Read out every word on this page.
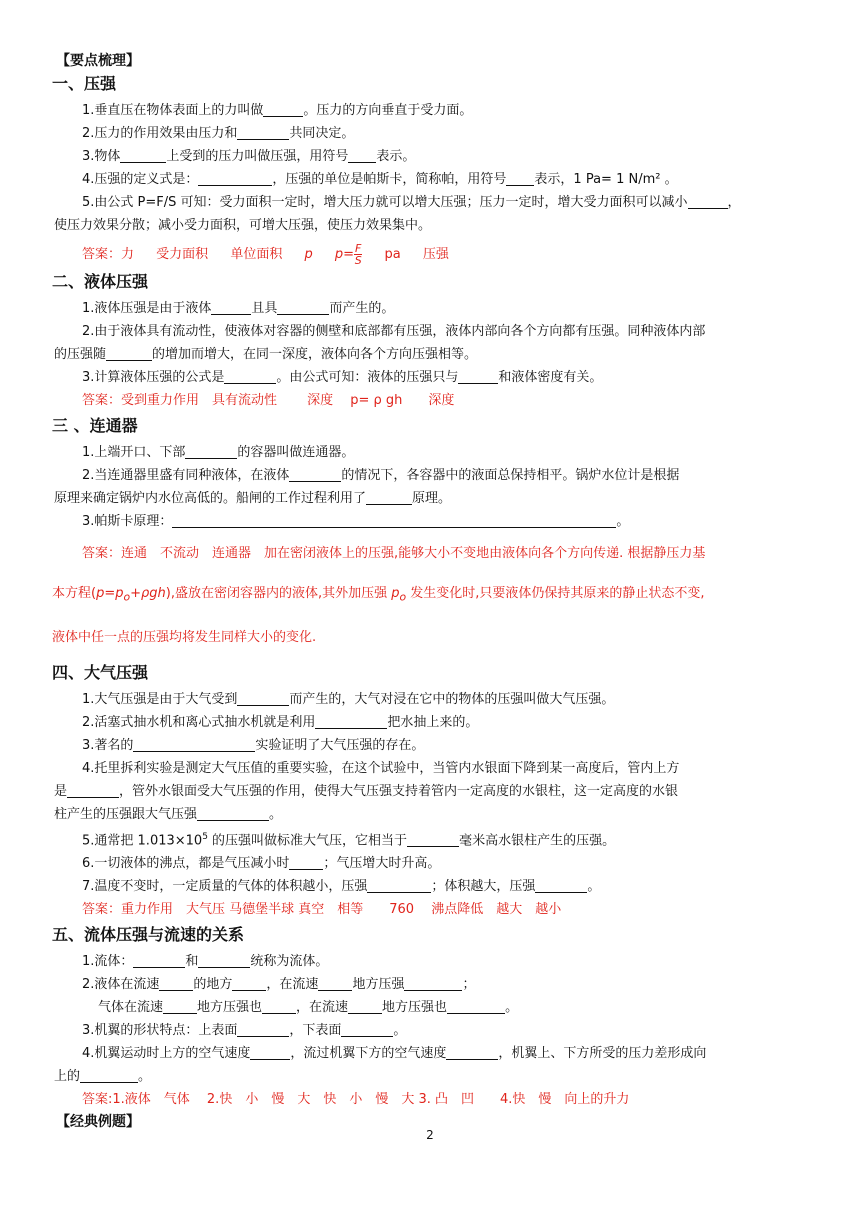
【要点梳理】
一、压强
1.垂直压在物体表面上的力叫做	。压力的方向垂直于受力面。
2.压力的作用效果由压力和	共同决定。
3.物体	上受到的压力叫做压强，用符号 表示。
4.压强的定义式是：	，压强的单位是帕斯卡，简称帕，用符号 表示，1 Pa= 1 N/m² 。
5.由公式 P=F/S 可知：受力面积一定时，增大压力就可以增大压强；压力一定时，增大受力面积可以减小	，
使压力效果分散；减小受力面积，可增大压强，使压力效果集中。
答案：力 受力面积 单位面积 p $p= \frac{F}{S}$ pa 压强
二、液体压强
1.液体压强是由于液体	且具	而产生的。
2.由于液体具有流动性，使液体对容器的侧壁和底部都有压强，液体内部向各个方向都有压强。同种液体内部
的压强随	的增加而增大，在同一深度，液体向各个方向压强相等。
3.计算液体压强的公式是	。由公式可知：液体的压强只与	和液体密度有关。
答案：受到重力作用　具有流动性　　 深度　 p= ρ gh　　深度
三 、连通器
1.上端开口、下部	的容器叫做连通器。
2.当连通器里盛有同种液体，在液体	的情况下，各容器中的液面总保持相平。锅炉水位计是根据
原理来确定锅炉内水位高低的。船闸的工作过程利用了	原理。
3.帕斯卡原理：	。
答案：连通　不流动　连通器　加在密闭液体上的压强,能够大小不变地由液体向各个方向传递. 根据静压力基
本方程$(p=p_o+\rho gh)$,盛放在密闭容器内的液体,其外加压强 $p_o$ 发生变化时,只要液体仍保持其原来的静止状态不变,
液体中任一点的压强均将发生同样大小的变化.
四、大气压强
1.大气压强是由于大气受到	而产生的，大气对浸在它中的物体的压强叫做大气压强。
2.活塞式抽水机和离心式抽水机就是利用	把水抽上来的。
3.著名的	实验证明了大气压强的存在。
4.托里拆利实验是测定大气压值的重要实验，在这个试验中，当管内水银面下降到某一高度后，管内上方
是	，管外水银面受大气压强的作用，使得大气压强支持着管内一定高度的水银柱，这一定高度的水银
柱产生的压强跟大气压强	。
5.通常把 $1.013\times 10^5$ 的压强叫做标准大气压，它相当于	毫米高水银柱产生的压强。
6.一切液体的沸点，都是气压减小时	；气压增大时升高。
7.温度不变时，一定质量的气体的体积越小，压强	；体积越大，压强	。
答案：重力作用　大气压 马德堡半球 真空　相等　　760　 沸点降低　越大　越小
五、流体压强与流速的关系
1.流体：	和	统称为流体。
2.液体在流速	的地方	，在流速	地方压强	；
气体在流速	地方压强也	，在流速	地方压强也	。
3.机翼的形状特点：上表面	，下表面	。
4.机翼运动时上方的空气速度	，流过机翼下方的空气速度	，机翼上、下方所受的压力差形成向
上的	。
答案:1.液体　气体　 2.快　小　慢　大　快　小　慢　大 3. 凸　凹　　4.快　慢　向上的升力
【经典例题】
2
